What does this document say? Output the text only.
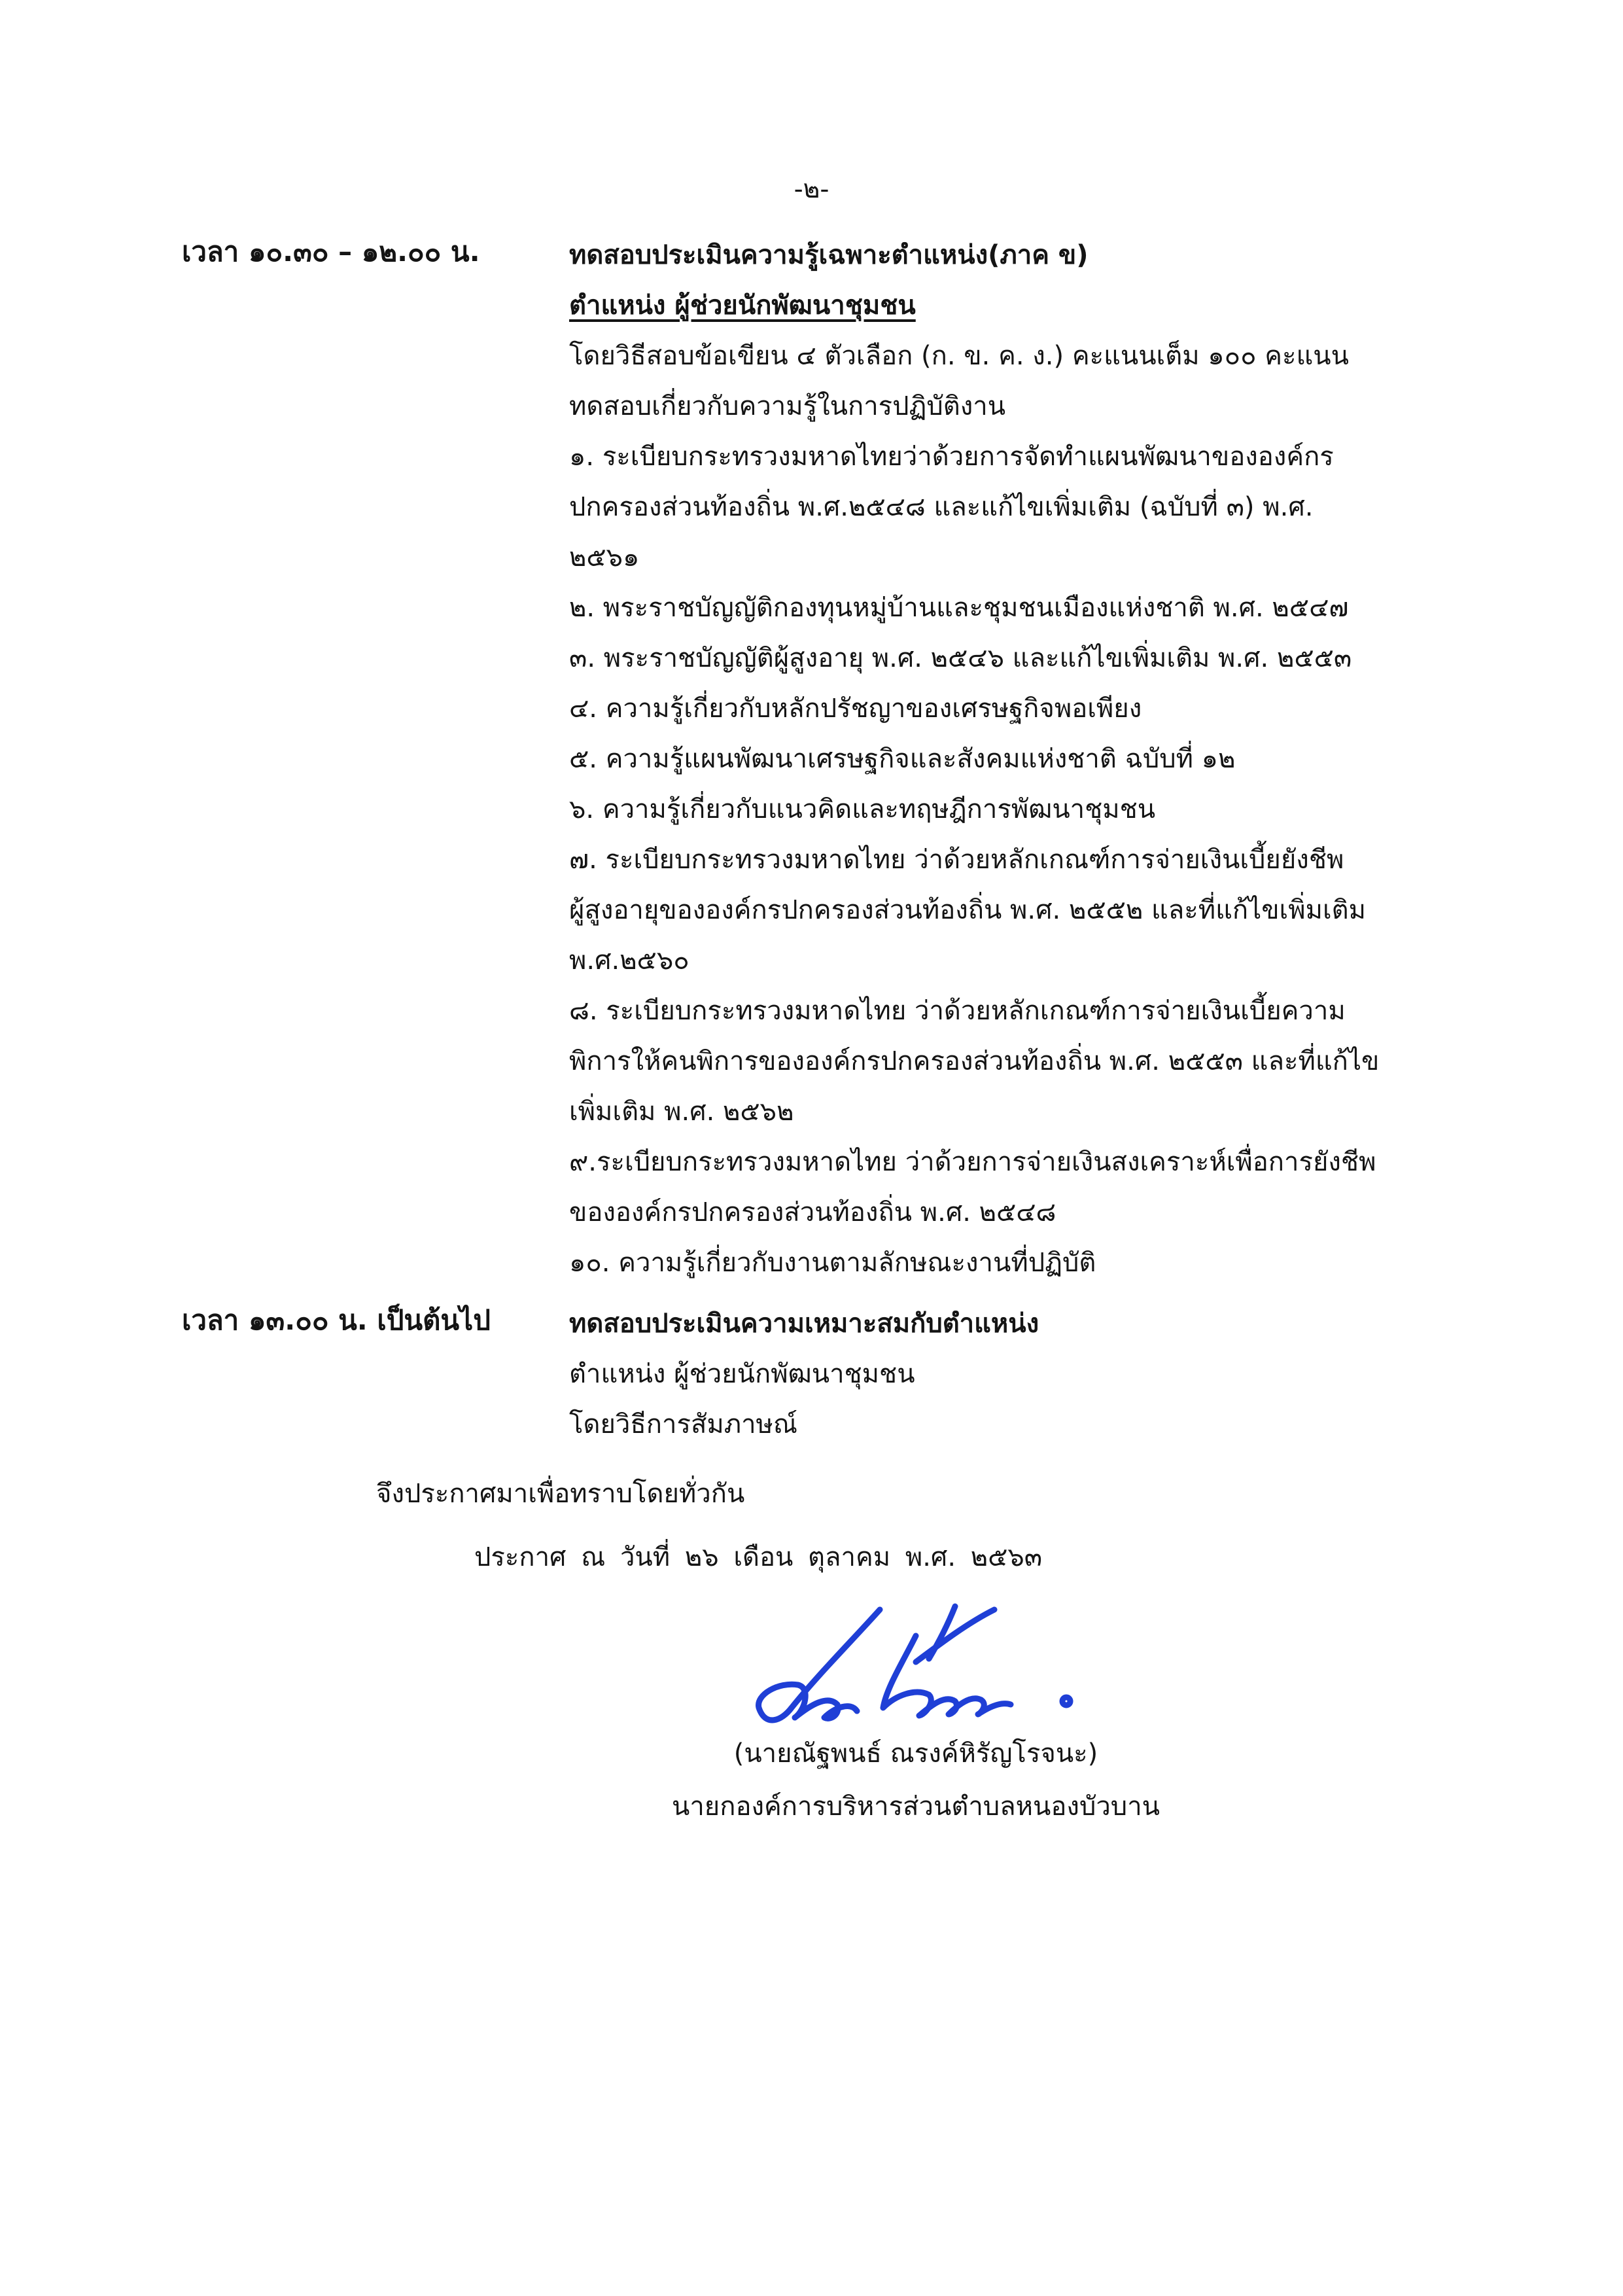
-๒-
เวลา ๑๐.๓๐ – ๑๒.๐๐ น.	ทดสอบประเมินความรู้เฉพาะตำแหน่ง(ภาค ข)
ตำแหน่ง ผู้ช่วยนักพัฒนาชุมชน
โดยวิธีสอบข้อเขียน ๔ ตัวเลือก (ก. ข. ค. ง.) คะแนนเต็ม ๑๐๐ คะแนน
ทดสอบเกี่ยวกับความรู้ในการปฏิบัติงาน
๑. ระเบียบกระทรวงมหาดไทยว่าด้วยการจัดทำแผนพัฒนาขององค์กร
ปกครองส่วนท้องถิ่น พ.ศ.๒๕๔๘ และแก้ไขเพิ่มเติม (ฉบับที่ ๓) พ.ศ.
๒๕๖๑
๒. พระราชบัญญัติกองทุนหมู่บ้านและชุมชนเมืองแห่งชาติ พ.ศ. ๒๕๔๗
๓. พระราชบัญญัติผู้สูงอายุ พ.ศ. ๒๕๔๖ และแก้ไขเพิ่มเติม พ.ศ. ๒๕๕๓
๔. ความรู้เกี่ยวกับหลักปรัชญาของเศรษฐกิจพอเพียง
๕. ความรู้แผนพัฒนาเศรษฐกิจและสังคมแห่งชาติ ฉบับที่ ๑๒
๖. ความรู้เกี่ยวกับแนวคิดและทฤษฎีการพัฒนาชุมชน
๗. ระเบียบกระทรวงมหาดไทย ว่าด้วยหลักเกณฑ์การจ่ายเงินเบี้ยยังชีพ
ผู้สูงอายุขององค์กรปกครองส่วนท้องถิ่น พ.ศ. ๒๕๕๒ และที่แก้ไขเพิ่มเติม
พ.ศ.๒๕๖๐
๘. ระเบียบกระทรวงมหาดไทย ว่าด้วยหลักเกณฑ์การจ่ายเงินเบี้ยความ
พิการให้คนพิการขององค์กรปกครองส่วนท้องถิ่น พ.ศ. ๒๕๕๓ และที่แก้ไข
เพิ่มเติม พ.ศ. ๒๕๖๒
๙.ระเบียบกระทรวงมหาดไทย ว่าด้วยการจ่ายเงินสงเคราะห์เพื่อการยังชีพ
ขององค์กรปกครองส่วนท้องถิ่น พ.ศ. ๒๕๔๘
๑๐. ความรู้เกี่ยวกับงานตามลักษณะงานที่ปฏิบัติ
เวลา ๑๓.๐๐ น. เป็นต้นไป	ทดสอบประเมินความเหมาะสมกับตำแหน่ง
ตำแหน่ง ผู้ช่วยนักพัฒนาชุมชน
โดยวิธีการสัมภาษณ์
จึงประกาศมาเพื่อทราบโดยทั่วกัน
ประกาศ ณ วันที่ ๒๖ เดือน ตุลาคม พ.ศ. ๒๕๖๓
(นายณัฐพนธ์ ณรงค์หิรัญโรจนะ)
นายกองค์การบริหารส่วนตำบลหนองบัวบาน
